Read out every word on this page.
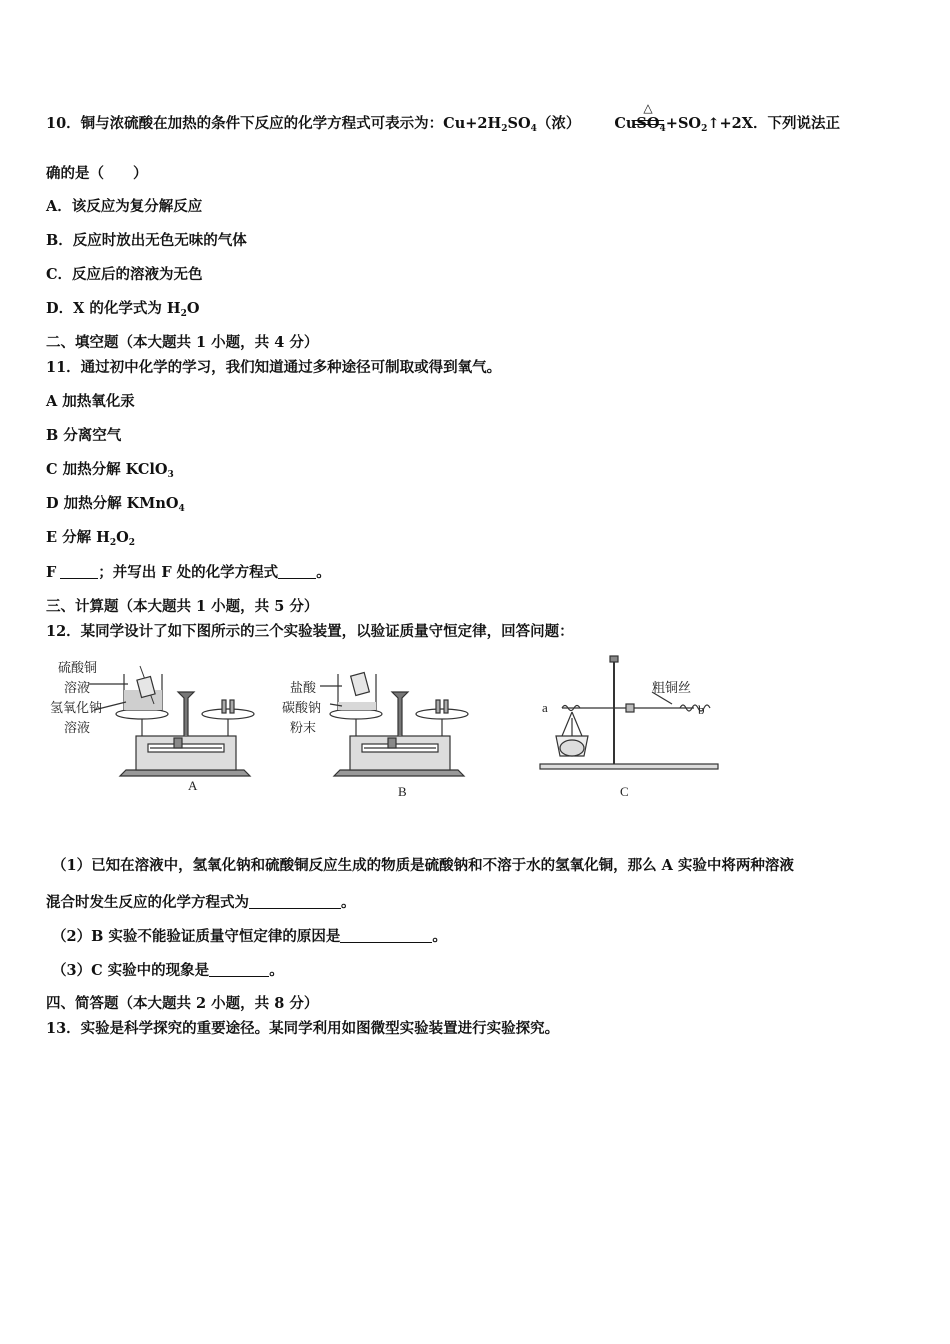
10．铜与浓硫酸在加热的条件下反应的化学方程式可表示为：$Cu+2H_2SO_4$（浓） $CuSO_4+SO_2↑+2X$．下列说法正
△
确的是（　　）
A．该反应为复分解反应
B．反应时放出无色无味的气体
C．反应后的溶液为无色
D．X 的化学式为 $H_2O$
二、填空题（本大题共 1 小题，共 4 分）
11．通过初中化学的学习，我们知道通过多种途径可制取或得到氧气。
A 加热氧化汞
B 分离空气
C 加热分解 KClO$_3$
D 加热分解 KMnO$_4$
E 分解 $H_2O_2$
F	；并写出 F 处的化学方程式	。
三、计算题（本大题共 1 小题，共 5 分）
12．某同学设计了如下图所示的三个实验装置，以验证质量守恒定律，回答问题：
硫酸铜
溶液
氢氧化钠
溶液
A
盐酸
碳酸钠
粉末
B
粗铜丝
a	b
C
（1）已知在溶液中，氢氧化钠和硫酸铜反应生成的物质是硫酸钠和不溶于水的氢氧化铜，那么 A 实验中将两种溶液
混合时发生反应的化学方程式为	。
（2）B 实验不能验证质量守恒定律的原因是	。
（3）C 实验中的现象是	。
四、简答题（本大题共 2 小题，共 8 分）
13．实验是科学探究的重要途径。某同学利用如图微型实验装置进行实验探究。
